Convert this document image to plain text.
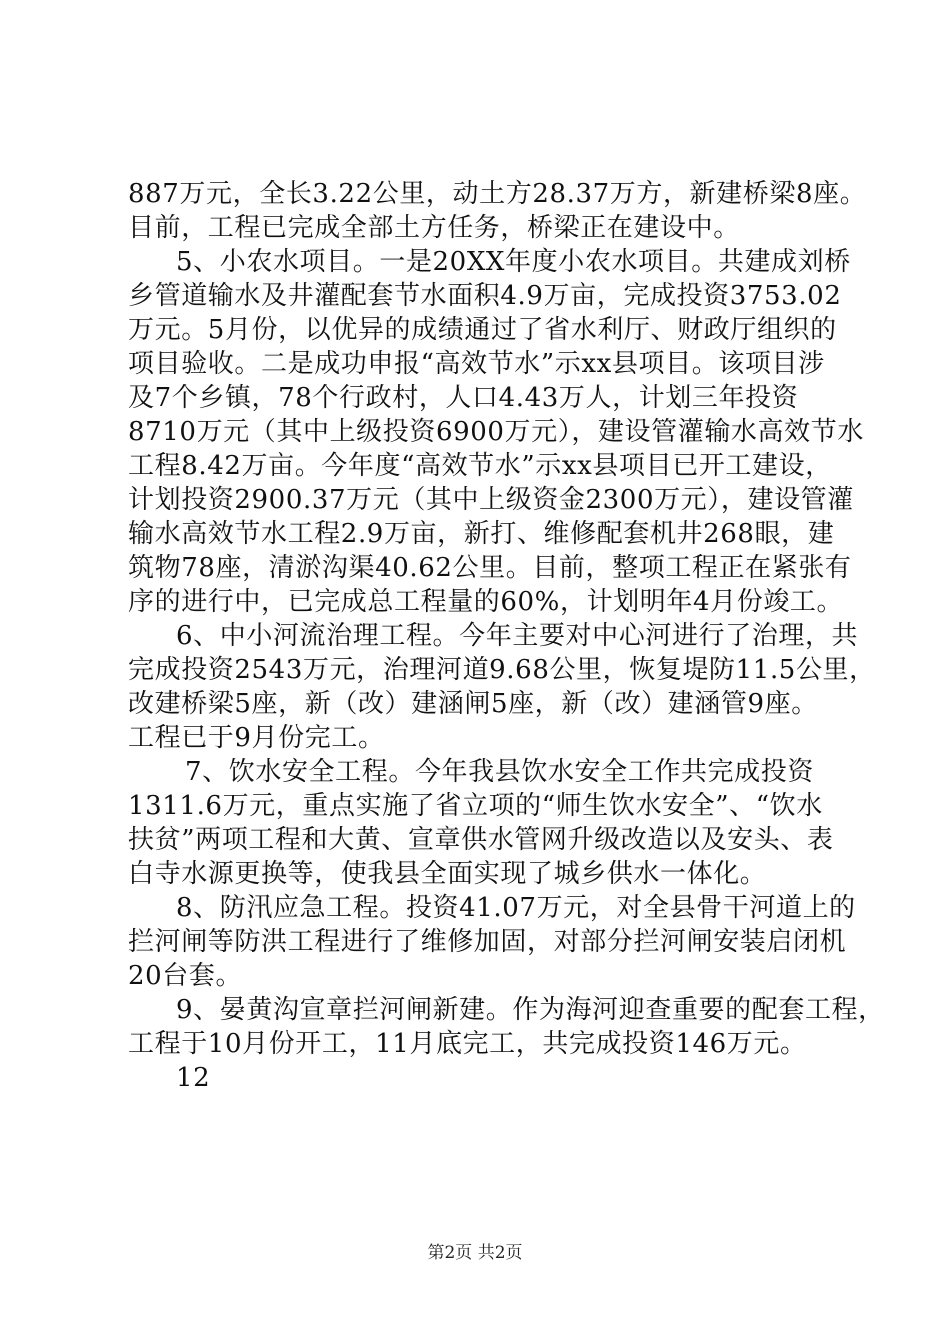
887万元，全长3.22公里，动土方28.37万方，新建桥梁8座。
目前，工程已完成全部土方任务，桥梁正在建设中。
5、小农水项目。一是20XX年度小农水项目。共建成刘桥
乡管道输水及井灌配套节水面积4.9万亩，完成投资3753.02
万元。5月份，以优异的成绩通过了省水利厅、财政厅组织的
项目验收。二是成功申报“高效节水”示xx县项目。该项目涉
及7个乡镇，78个行政村，人口4.43万人，计划三年投资
8710万元（其中上级投资6900万元），建设管灌输水高效节水
工程8.42万亩。今年度“高效节水”示xx县项目已开工建设，
计划投资2900.37万元（其中上级资金2300万元），建设管灌
输水高效节水工程2.9万亩，新打、维修配套机井268眼，建
筑物78座，清淤沟渠40.62公里。目前，整项工程正在紧张有
序的进行中，已完成总工程量的60%，计划明年4月份竣工。
6、中小河流治理工程。今年主要对中心河进行了治理，共
完成投资2543万元，治理河道9.68公里，恢复堤防11.5公里，
改建桥梁5座，新（改）建涵闸5座，新（改）建涵管9座。
工程已于9月份完工。
7、饮水安全工程。今年我县饮水安全工作共完成投资
1311.6万元，重点实施了省立项的“师生饮水安全”、“饮水
扶贫”两项工程和大黄、宣章供水管网升级改造以及安头、表
白寺水源更换等，使我县全面实现了城乡供水一体化。
8、防汛应急工程。投资41.07万元，对全县骨干河道上的
拦河闸等防洪工程进行了维修加固，对部分拦河闸安装启闭机
20台套。
9、晏黄沟宣章拦河闸新建。作为海河迎查重要的配套工程，
工程于10月份开工，11月底完工，共完成投资146万元。
12
第2页 共2页
